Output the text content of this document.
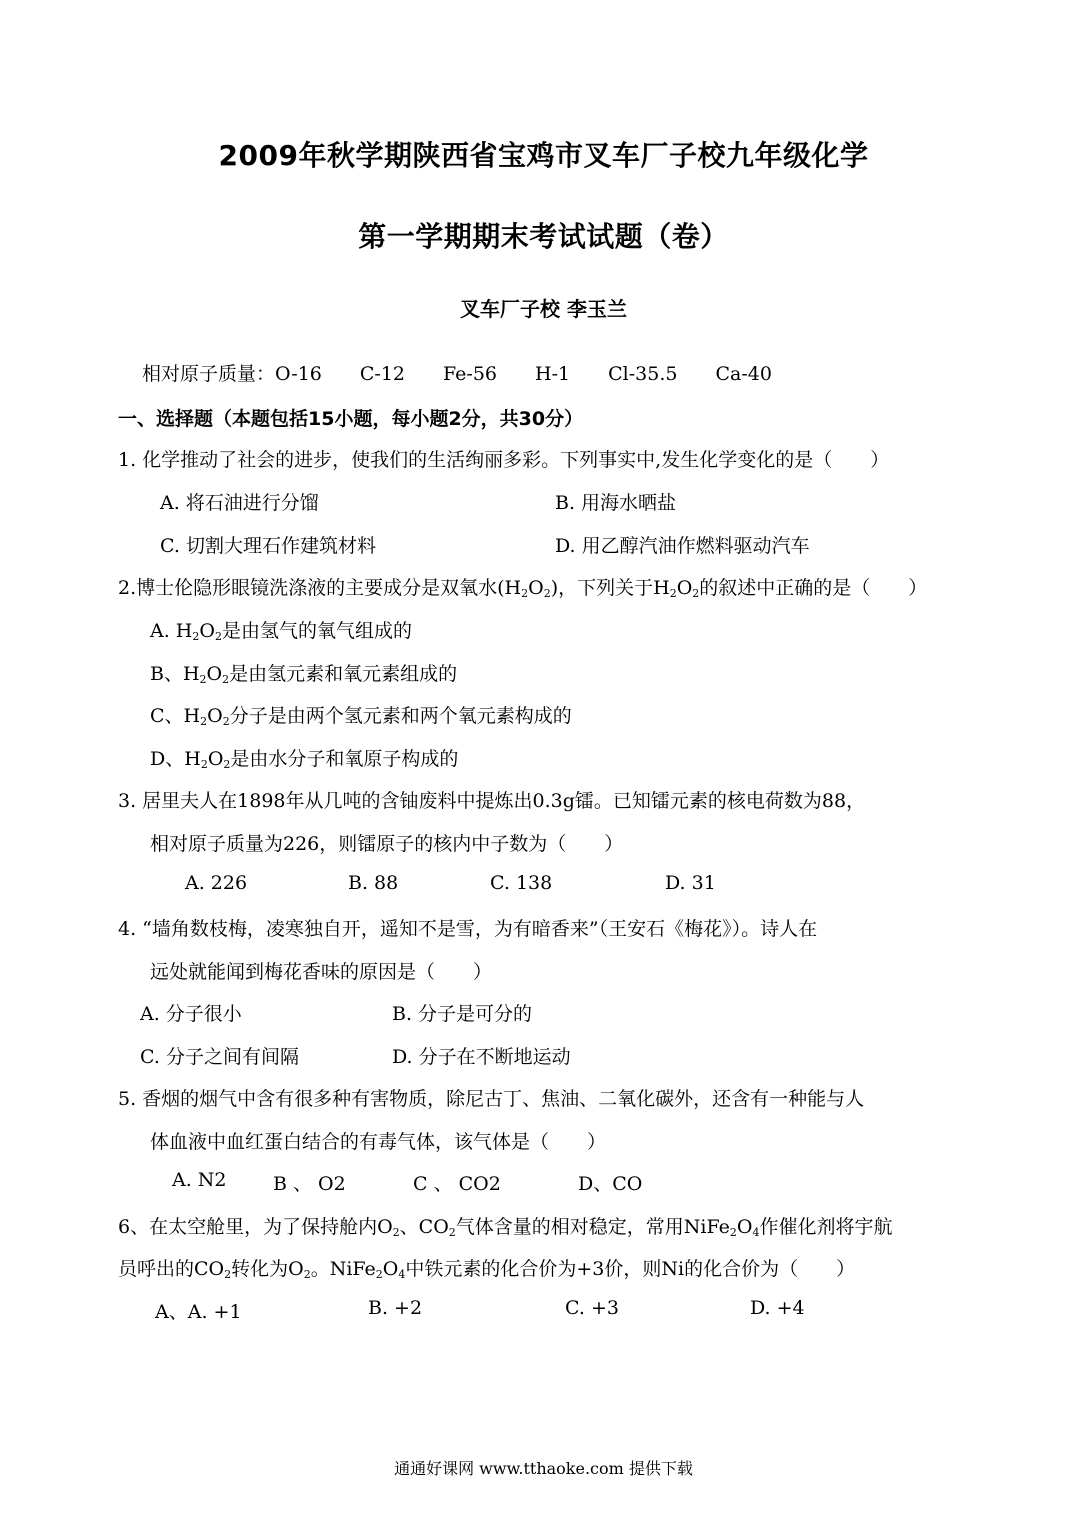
2009年秋学期陕西省宝鸡市叉车厂子校九年级化学
第一学期期末考试试题（卷）
叉车厂子校 李玉兰
相对原子质量：O-16 C-12 Fe-56 H-1 Cl-35.5 Ca-40
一、选择题（本题包括15小题，每小题2分，共30分）
1. 化学推动了社会的进步，使我们的生活绚丽多彩。下列事实中,发生化学变化的是（　　）
A. 将石油进行分馏	B. 用海水晒盐
C. 切割大理石作建筑材料	D. 用乙醇汽油作燃料驱动汽车
2.博士伦隐形眼镜洗涤液的主要成分是双氧水$(H_2O_2)$，下列关于$H_2O_2$的叙述中正确的是（　　）
A. $H_2O_2$是由氢气的氧气组成的
B、$H_2O_2$是由氢元素和氧元素组成的
C、$H_2O_2$分子是由两个氢元素和两个氧元素构成的
D、$H_2O_2$是由水分子和氧原子构成的
3. 居里夫人在1898年从几吨的含铀废料中提炼出0.3g镭。已知镭元素的核电荷数为88，
相对原子质量为226，则镭原子的核内中子数为（　　）
A. 226	B. 88	C. 138	D. 31
4. “墙角数枝梅，凌寒独自开，遥知不是雪，为有暗香来”（王安石《梅花》）。诗人在
远处就能闻到梅花香味的原因是（　　）
A. 分子很小	B. 分子是可分的
C. 分子之间有间隔	D. 分子在不断地运动
5. 香烟的烟气中含有很多种有害物质，除尼古丁、焦油、二氧化碳外，还含有一种能与人
体血液中血红蛋白结合的有毒气体，该气体是（　　）
A. N2 B 、 O2	C 、 CO2	D、CO
6、在太空舱里，为了保持舱内$O_2$、$CO_2$气体含量的相对稳定，常用$NiFe_2O_4$作催化剂将宇航
员呼出的$CO_2$转化为$O_2$。$NiFe_2O_4$中铁元素的化合价为+3价，则Ni的化合价为（　　）
A、A. +1	B. +2	C. +3	D. +4
通通好课网 www.tthaoke.com 提供下载
